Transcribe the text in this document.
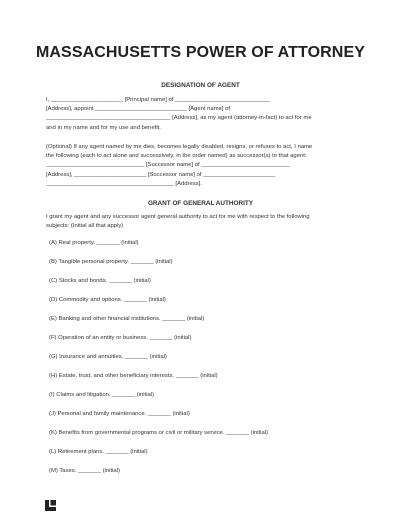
MASSACHUSETTS POWER OF ATTORNEY
DESIGNATION OF AGENT
I, ______________________ [Principal name] of _____________________________
[Address], appoint ____________________________ [Agent name] of
______________________________________ [Address], as my agent (attorney-in-fact) to act for me
and in my name and for my use and benefit.
(Optional) If any agent named by me dies, becomes legally disabled, resigns, or refuses to act, I name
the following (each to act alone and successively, in the order named) as successor(s) to that agent:
______________________________ [Successor name] of ___________________________
[Address], ______________________ [Successor name] of ______________________
_______________________________________ [Address].
GRANT OF GENERAL AUTHORITY
I grant my agent and any successor agent general authority to act for me with respect to the following
subjects: (Initial all that apply)
(A) Real property. _______ (initial)
(B) Tangible personal property. _______ (initial)
(C) Stocks and bonds. _______ (initial)
(D) Commodity and options. _______ (initial)
(E) Banking and other financial institutions. _______ (initial)
(F) Operation of an entity or business. _______ (initial)
(G) Insurance and annuities. _______ (initial)
(H) Estate, trust, and other beneficiary interests. _______ (initial)
(I) Claims and litigation. _______ (initial)
(J) Personal and family maintenance. _______ (initial)
(K) Benefits from governmental programs or civil or military service. _______ (initial)
(L) Retirement plans. _______ (initial)
(M) Taxes. _______ (initial)
